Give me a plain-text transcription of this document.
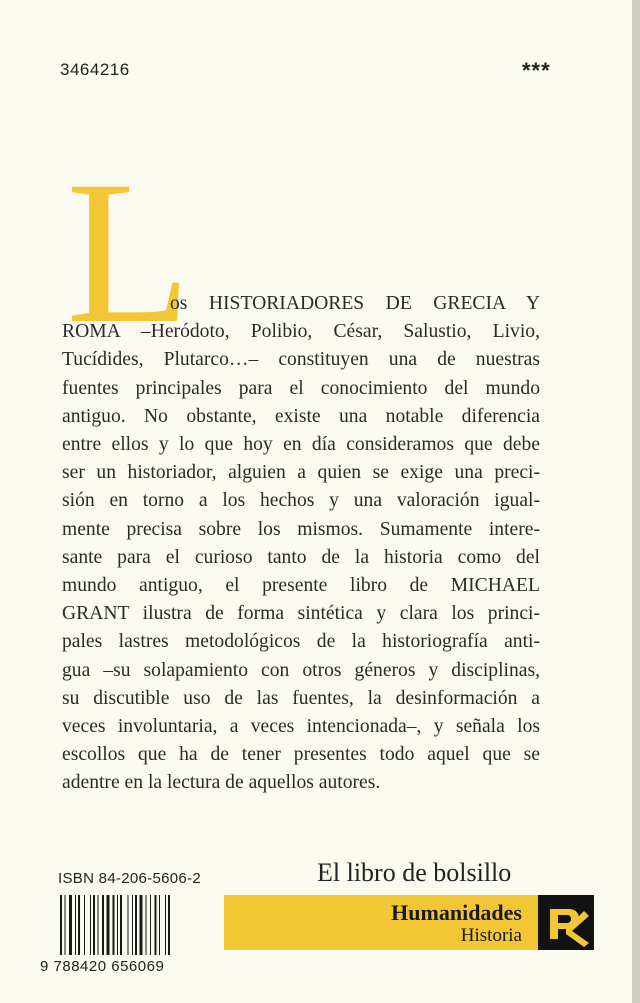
3464216	***
L
os HISTORIADORES DE GRECIA Y
ROMA –Heródoto, Polibio, César, Salustio, Livio,
Tucídides, Plutarco…– constituyen una de nuestras
fuentes principales para el conocimiento del mundo
antiguo. No obstante, existe una notable diferencia
entre ellos y lo que hoy en día consideramos que debe
ser un historiador, alguien a quien se exige una preci-
sión en torno a los hechos y una valoración igual-
mente precisa sobre los mismos. Sumamente intere-
sante para el curioso tanto de la historia como del
mundo antiguo, el presente libro de MICHAEL
GRANT ilustra de forma sintética y clara los princi-
pales lastres metodológicos de la historiografía anti-
gua –su solapamiento con otros géneros y disciplinas,
su discutible uso de las fuentes, la desinformación a
veces involuntaria, a veces intencionada–, y señala los
escollos que ha de tener presentes todo aquel que se
adentre en la lectura de aquellos autores.
ISBN 84-206-5606-2
9 788420 656069
El libro de bolsillo
Humanidades
Historia
